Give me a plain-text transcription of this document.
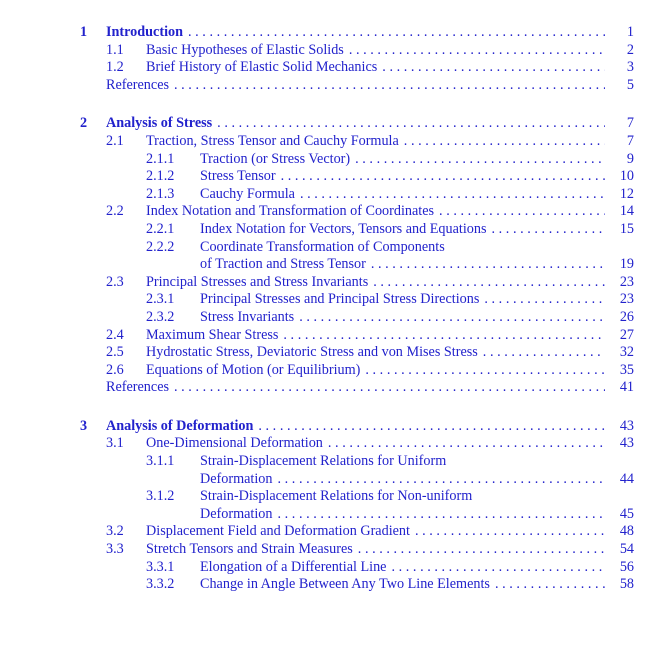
1	Introduction .....	1
1.1	Basic Hypotheses of Elastic Solids .....	2
1.2	Brief History of Elastic Solid Mechanics .....	3
References .....	5
2	Analysis of Stress .....	7
2.1	Traction, Stress Tensor and Cauchy Formula .....	7
2.1.1	Traction (or Stress Vector) .....	9
2.1.2	Stress Tensor .....	10
2.1.3	Cauchy Formula .....	12
2.2	Index Notation and Transformation of Coordinates .....	14
2.2.1	Index Notation for Vectors, Tensors and Equations .....	15
2.2.2	Coordinate Transformation of Components
of Traction and Stress Tensor .....	19
2.3	Principal Stresses and Stress Invariants .....	23
2.3.1	Principal Stresses and Principal Stress Directions .....	23
2.3.2	Stress Invariants .....	26
2.4	Maximum Shear Stress .....	27
2.5	Hydrostatic Stress, Deviatoric Stress and von Mises Stress .....	32
2.6	Equations of Motion (or Equilibrium) .....	35
References .....	41
3	Analysis of Deformation .....	43
3.1	One-Dimensional Deformation .....	43
3.1.1	Strain-Displacement Relations for Uniform
Deformation .....	44
3.1.2	Strain-Displacement Relations for Non-uniform
Deformation .....	45
3.2	Displacement Field and Deformation Gradient .....	48
3.3	Stretch Tensors and Strain Measures .....	54
3.3.1	Elongation of a Differential Line .....	56
3.3.2	Change in Angle Between Any Two Line Elements .....	58
